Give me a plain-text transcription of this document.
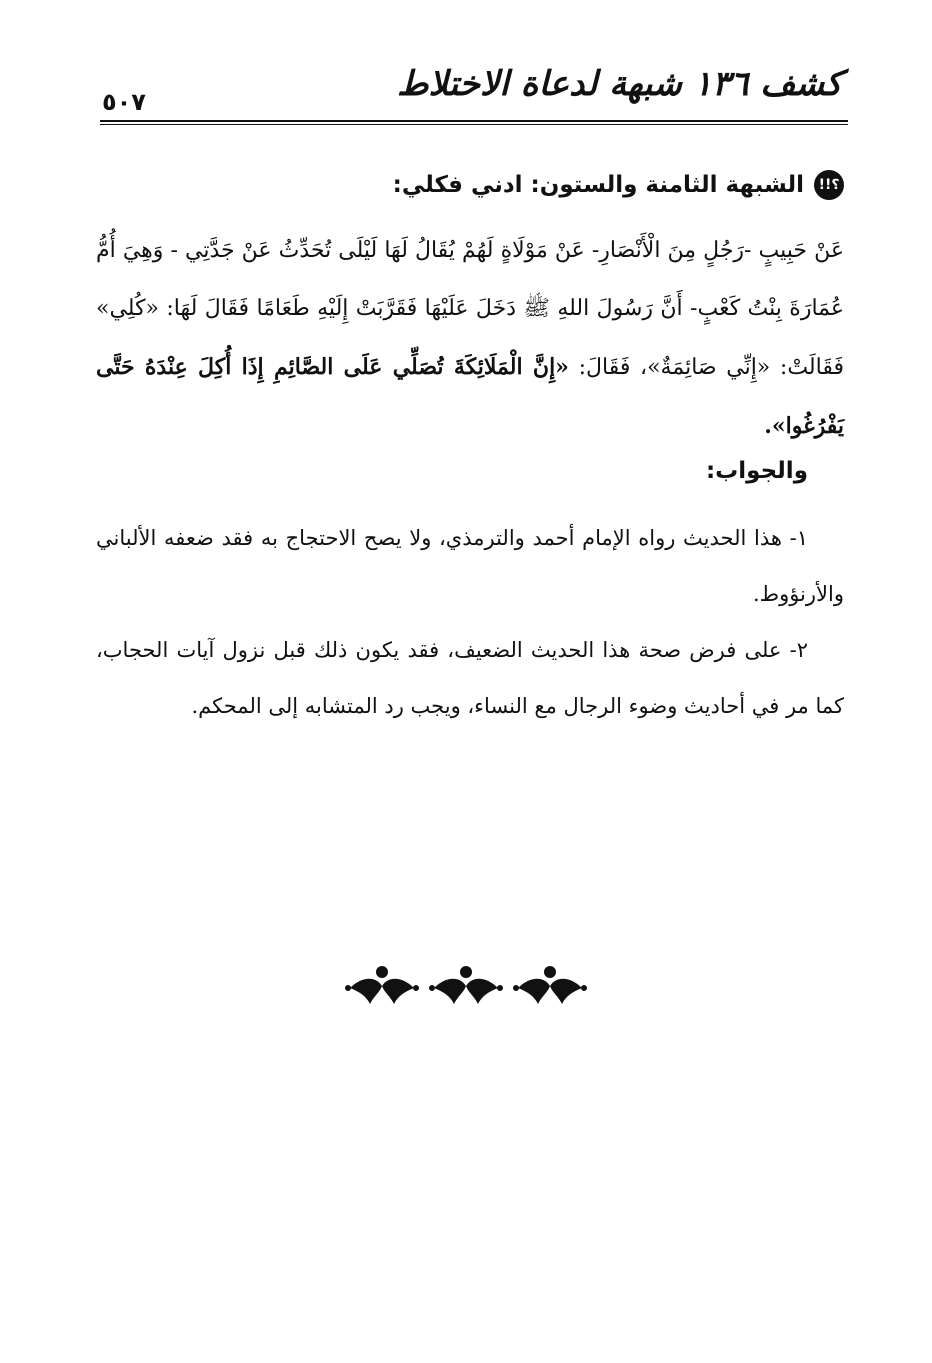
كشف ١٣٦ شبهة لدعاة الاختلاط
٥٠٧
؟!!
الشبهة الثامنة والستون: ادني فكلي:
عَنْ حَبِيبٍ -رَجُلٍ مِنَ الْأَنْصَارِ- عَنْ مَوْلَاةٍ لَهُمْ يُقَالُ لَهَا لَيْلَى تُحَدِّثُ عَنْ جَدَّتِي - وَهِيَ أُمُّ عُمَارَةَ بِنْتُ كَعْبٍ- أَنَّ رَسُولَ اللهِ ﷺ دَخَلَ عَلَيْهَا فَقَرَّبَتْ إِلَيْهِ طَعَامًا فَقَالَ لَهَا: «كُلِي» فَقَالَتْ: «إِنِّي صَائِمَةٌ»، فَقَالَ: «إِنَّ الْمَلَائِكَةَ تُصَلِّي عَلَى الصَّائِمِ إِذَا أُكِلَ عِنْدَهُ حَتَّى يَفْرُغُوا».
والجواب:
١- هذا الحديث رواه الإمام أحمد والترمذي، ولا يصح الاحتجاج به فقد ضعفه الألباني والأرنؤوط.
٢- على فرض صحة هذا الحديث الضعيف، فقد يكون ذلك قبل نزول آيات الحجاب، كما مر في أحاديث وضوء الرجال مع النساء، ويجب رد المتشابه إلى المحكم.
